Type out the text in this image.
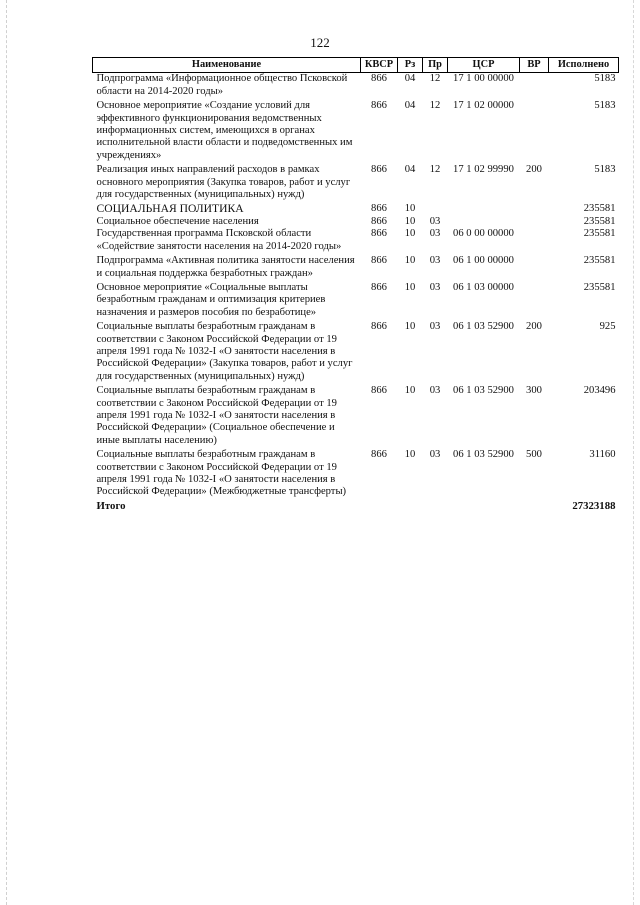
122
Наименование	КВСР	Рз	Пр	ЦСР	ВР	Исполнено
Подпрограмма «Информационное общество Псковской области на 2014-2020 годы»	866	04	12	17 1 00 00000		5183
Основное мероприятие «Создание условий для эффективного функционирования ведомственных информационных систем, имеющихся в органах исполнительной власти области и подведомственных им учреждениях»	866	04	12	17 1 02 00000		5183
Реализация иных направлений расходов в рамках основного мероприятия (Закупка товаров, работ и услуг для государственных (муниципальных) нужд)	866	04	12	17 1 02 99990	200	5183
СОЦИАЛЬНАЯ ПОЛИТИКА	866	10				235581
Социальное обеспечение населения	866	10	03			235581
Государственная программа Псковской области «Содействие занятости населения на 2014-2020 годы»	866	10	03	06 0 00 00000		235581
Подпрограмма «Активная политика занятости населения и социальная поддержка безработных граждан»	866	10	03	06 1 00 00000		235581
Основное мероприятие «Социальные выплаты безработным гражданам и оптимизация критериев назначения и размеров пособия по безработице»	866	10	03	06 1 03 00000		235581
Социальные выплаты безработным гражданам в соответствии с Законом Российской Федерации от 19 апреля 1991 года № 1032-I «О занятости населения в Российской Федерации» (Закупка товаров, работ и услуг для государственных (муниципальных) нужд)	866	10	03	06 1 03 52900	200	925
Социальные выплаты безработным гражданам в соответствии с Законом Российской Федерации от 19 апреля 1991 года № 1032-I «О занятости населения в Российской Федерации» (Социальное обеспечение и иные выплаты населению)	866	10	03	06 1 03 52900	300	203496
Социальные выплаты безработным гражданам в соответствии с Законом Российской Федерации от 19 апреля 1991 года № 1032-I «О занятости населения в Российской Федерации» (Межбюджетные трансферты)	866	10	03	06 1 03 52900	500	31160
Итого						27323188
